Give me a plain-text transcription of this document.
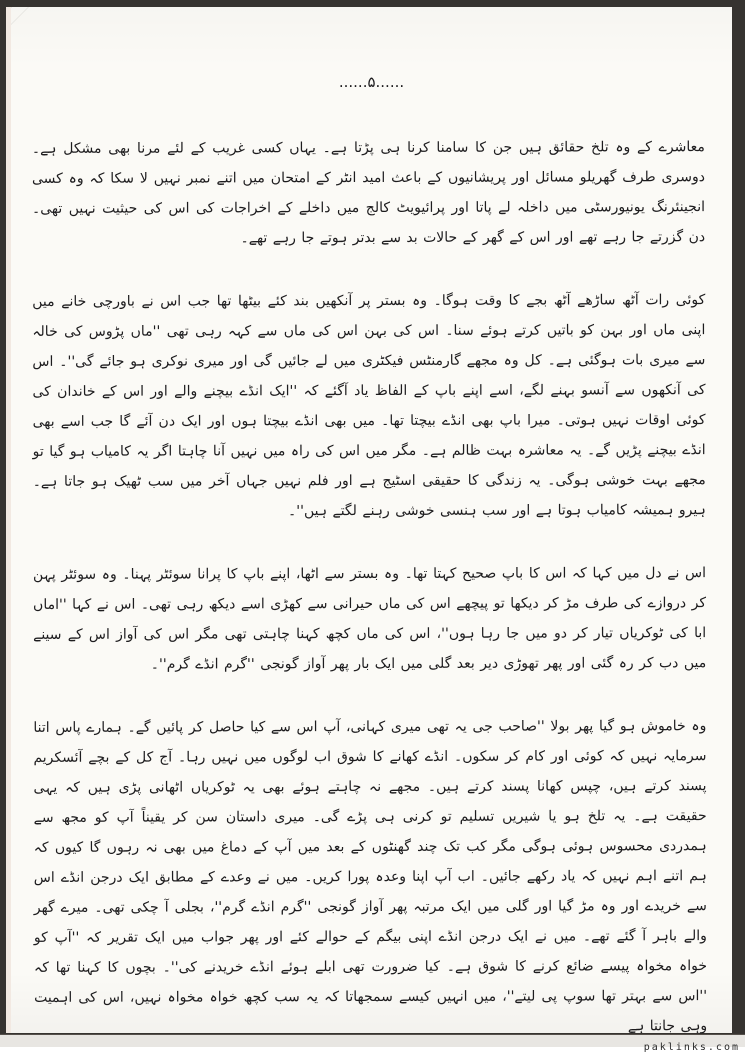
......۵......

معاشرے کے وہ تلخ حقائق ہیں جن کا سامنا کرنا ہی پڑتا ہے۔ یہاں کسی غریب کے لئے مرنا بھی مشکل ہے۔ دوسری طرف گھریلو مسائل اور پریشانیوں کے باعث امید انٹر کے امتحان میں اتنے نمبر نہیں لا سکا کہ وہ کسی انجینئرنگ یونیورسٹی میں داخلہ لے پاتا اور پرائیویٹ کالج میں داخلے کے اخراجات کی اس کی حیثیت نہیں تھی۔ دن گزرتے جا رہے تھے اور اس کے گھر کے حالات بد سے بدتر ہوتے جا رہے تھے۔

کوئی رات آٹھ ساڑھے آٹھ بجے کا وقت ہوگا۔ وہ بستر پر آنکھیں بند کئے بیٹھا تھا جب اس نے باورچی خانے میں اپنی ماں اور بہن کو باتیں کرتے ہوئے سنا۔ اس کی بہن اس کی ماں سے کہہ رہی تھی ''ماں پڑوس کی خالہ سے میری بات ہوگئی ہے۔ کل وہ مجھے گارمنٹس فیکٹری میں لے جائیں گی اور میری نوکری ہو جائے گی''۔ اس کی آنکھوں سے آنسو بہنے لگے، اسے اپنے باپ کے الفاظ یاد آگئے کہ ''ایک انڈے بیچنے والے اور اس کے خاندان کی کوئی اوقات نہیں ہوتی۔ میرا باپ بھی انڈے بیچتا تھا۔ میں بھی انڈے بیچتا ہوں اور ایک دن آئے گا جب اسے بھی انڈے بیچنے پڑیں گے۔ یہ معاشرہ بہت ظالم ہے۔ مگر میں اس کی راہ میں نہیں آنا چاہتا اگر یہ کامیاب ہو گیا تو مجھے بہت خوشی ہوگی۔ یہ زندگی کا حقیقی اسٹیج ہے اور فلم نہیں جہاں آخر میں سب ٹھیک ہو جاتا ہے۔ ہیرو ہمیشہ کامیاب ہوتا ہے اور سب ہنسی خوشی رہنے لگتے ہیں''۔

اس نے دل میں کہا کہ اس کا باپ صحیح کہتا تھا۔ وہ بستر سے اٹھا، اپنے باپ کا پرانا سوئٹر پہنا۔ وہ سوئٹر پہن کر دروازے کی طرف مڑ کر دیکھا تو پیچھے اس کی ماں حیرانی سے کھڑی اسے دیکھ رہی تھی۔ اس نے کہا ''اماں ابا کی ٹوکریاں تیار کر دو میں جا رہا ہوں''، اس کی ماں کچھ کہنا چاہتی تھی مگر اس کی آواز اس کے سینے میں دب کر رہ گئی اور پھر تھوڑی دیر بعد گلی میں ایک بار پھر آواز گونجی ''گرم انڈے گرم''۔

وہ خاموش ہو گیا پھر بولا ''صاحب جی یہ تھی میری کہانی، آپ اس سے کیا حاصل کر پائیں گے۔ ہمارے پاس اتنا سرمایہ نہیں کہ کوئی اور کام کر سکوں۔ انڈے کھانے کا شوق اب لوگوں میں نہیں رہا۔ آج کل کے بچے آئسکریم پسند کرتے ہیں، چپس کھانا پسند کرتے ہیں۔ مجھے نہ چاہتے ہوئے بھی یہ ٹوکریاں اٹھانی پڑی ہیں کہ یہی حقیقت ہے۔ یہ تلخ ہو یا شیریں تسلیم تو کرنی ہی پڑے گی۔ میری داستان سن کر یقیناً آپ کو مجھ سے ہمدردی محسوس ہوئی ہوگی مگر کب تک چند گھنٹوں کے بعد میں آپ کے دماغ میں بھی نہ رہوں گا کیوں کہ ہم اتنے اہم نہیں کہ یاد رکھے جائیں۔ اب آپ اپنا وعدہ پورا کریں۔ میں نے وعدے کے مطابق ایک درجن انڈے اس سے خریدے اور وہ مڑ گیا اور گلی میں ایک مرتبہ پھر آواز گونجی ''گرم انڈے گرم''، بجلی آ چکی تھی۔ میرے گھر والے باہر آ گئے تھے۔ میں نے ایک درجن انڈے اپنی بیگم کے حوالے کئے اور پھر جواب میں ایک تقریر کہ ''آپ کو خواہ مخواہ پیسے ضائع کرنے کا شوق ہے۔ کیا ضرورت تھی ابلے ہوئے انڈے خریدنے کی''۔ بچوں کا کہنا تھا کہ ''اس سے بہتر تھا سوپ پی لیتے''، میں انہیں کیسے سمجھاتا کہ یہ سب کچھ خواہ مخواہ نہیں، اس کی اہمیت وہی جانتا ہے

paklinks.com
